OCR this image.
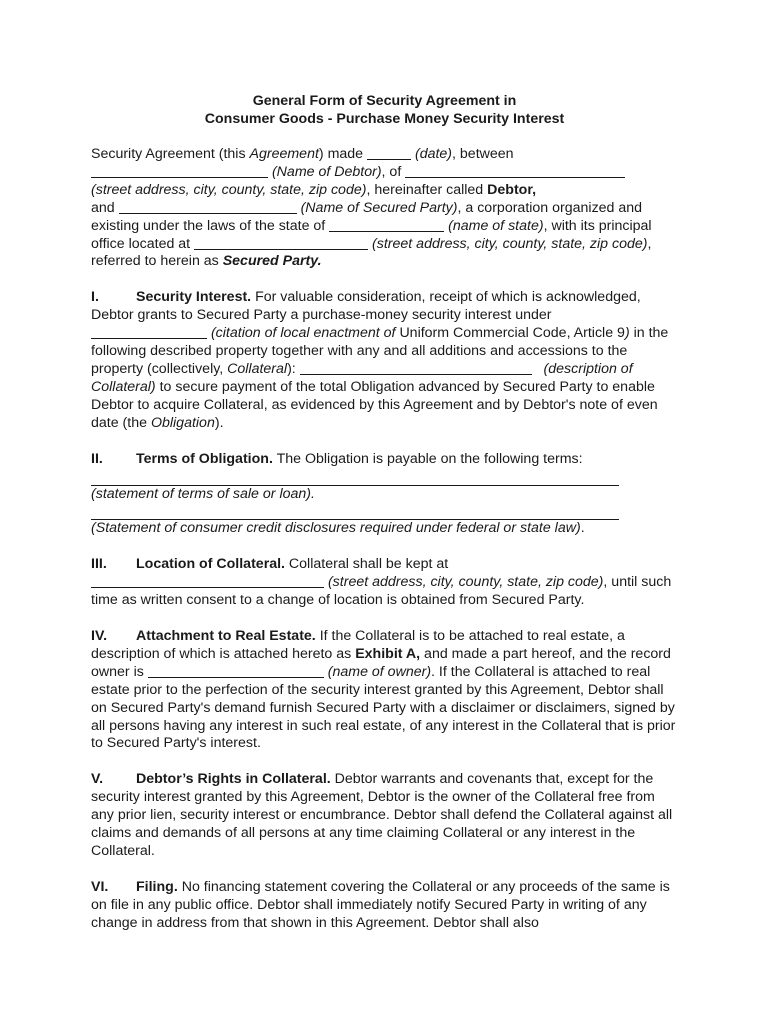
General Form of Security Agreement in
Consumer Goods - Purchase Money Security Interest

Security Agreement (this Agreement) made	(date), between
(Name of Debtor), of
(street address, city, county, state, zip code), hereinafter called Debtor,
and	(Name of Secured Party), a corporation organized and existing under the laws of the state of	(name of state), with its principal office located at	(street address, city, county, state, zip code), referred to herein as Secured Party.

I.	Security Interest. For valuable consideration, receipt of which is acknowledged, Debtor grants to Secured Party a purchase-money security interest under
(citation of local enactment of Uniform Commercial Code, Article 9) in the following described property together with any and all additions and accessions to the property (collectively, Collateral):	(description of Collateral) to secure payment of the total Obligation advanced by Secured Party to enable Debtor to acquire Collateral, as evidenced by this Agreement and by Debtor's note of even date (the Obligation).

II. Terms of Obligation. The Obligation is payable on the following terms:
(statement of terms of sale or loan).
(Statement of consumer credit disclosures required under federal or state law).

III. Location of Collateral. Collateral shall be kept at
(street address, city, county, state, zip code), until such time as written consent to a change of location is obtained from Secured Party.

IV. Attachment to Real Estate. If the Collateral is to be attached to real estate, a description of which is attached hereto as Exhibit A, and made a part hereof, and the record owner is	(name of owner). If the Collateral is attached to real estate prior to the perfection of the security interest granted by this Agreement, Debtor shall on Secured Party's demand furnish Secured Party with a disclaimer or disclaimers, signed by all persons having any interest in such real estate, of any interest in the Collateral that is prior to Secured Party's interest.

V. Debtor’s Rights in Collateral. Debtor warrants and covenants that, except for the security interest granted by this Agreement, Debtor is the owner of the Collateral free from any prior lien, security interest or encumbrance. Debtor shall defend the Collateral against all claims and demands of all persons at any time claiming Collateral or any interest in the Collateral.

VI. Filing. No financing statement covering the Collateral or any proceeds of the same is on file in any public office. Debtor shall immediately notify Secured Party in writing of any change in address from that shown in this Agreement. Debtor shall also
